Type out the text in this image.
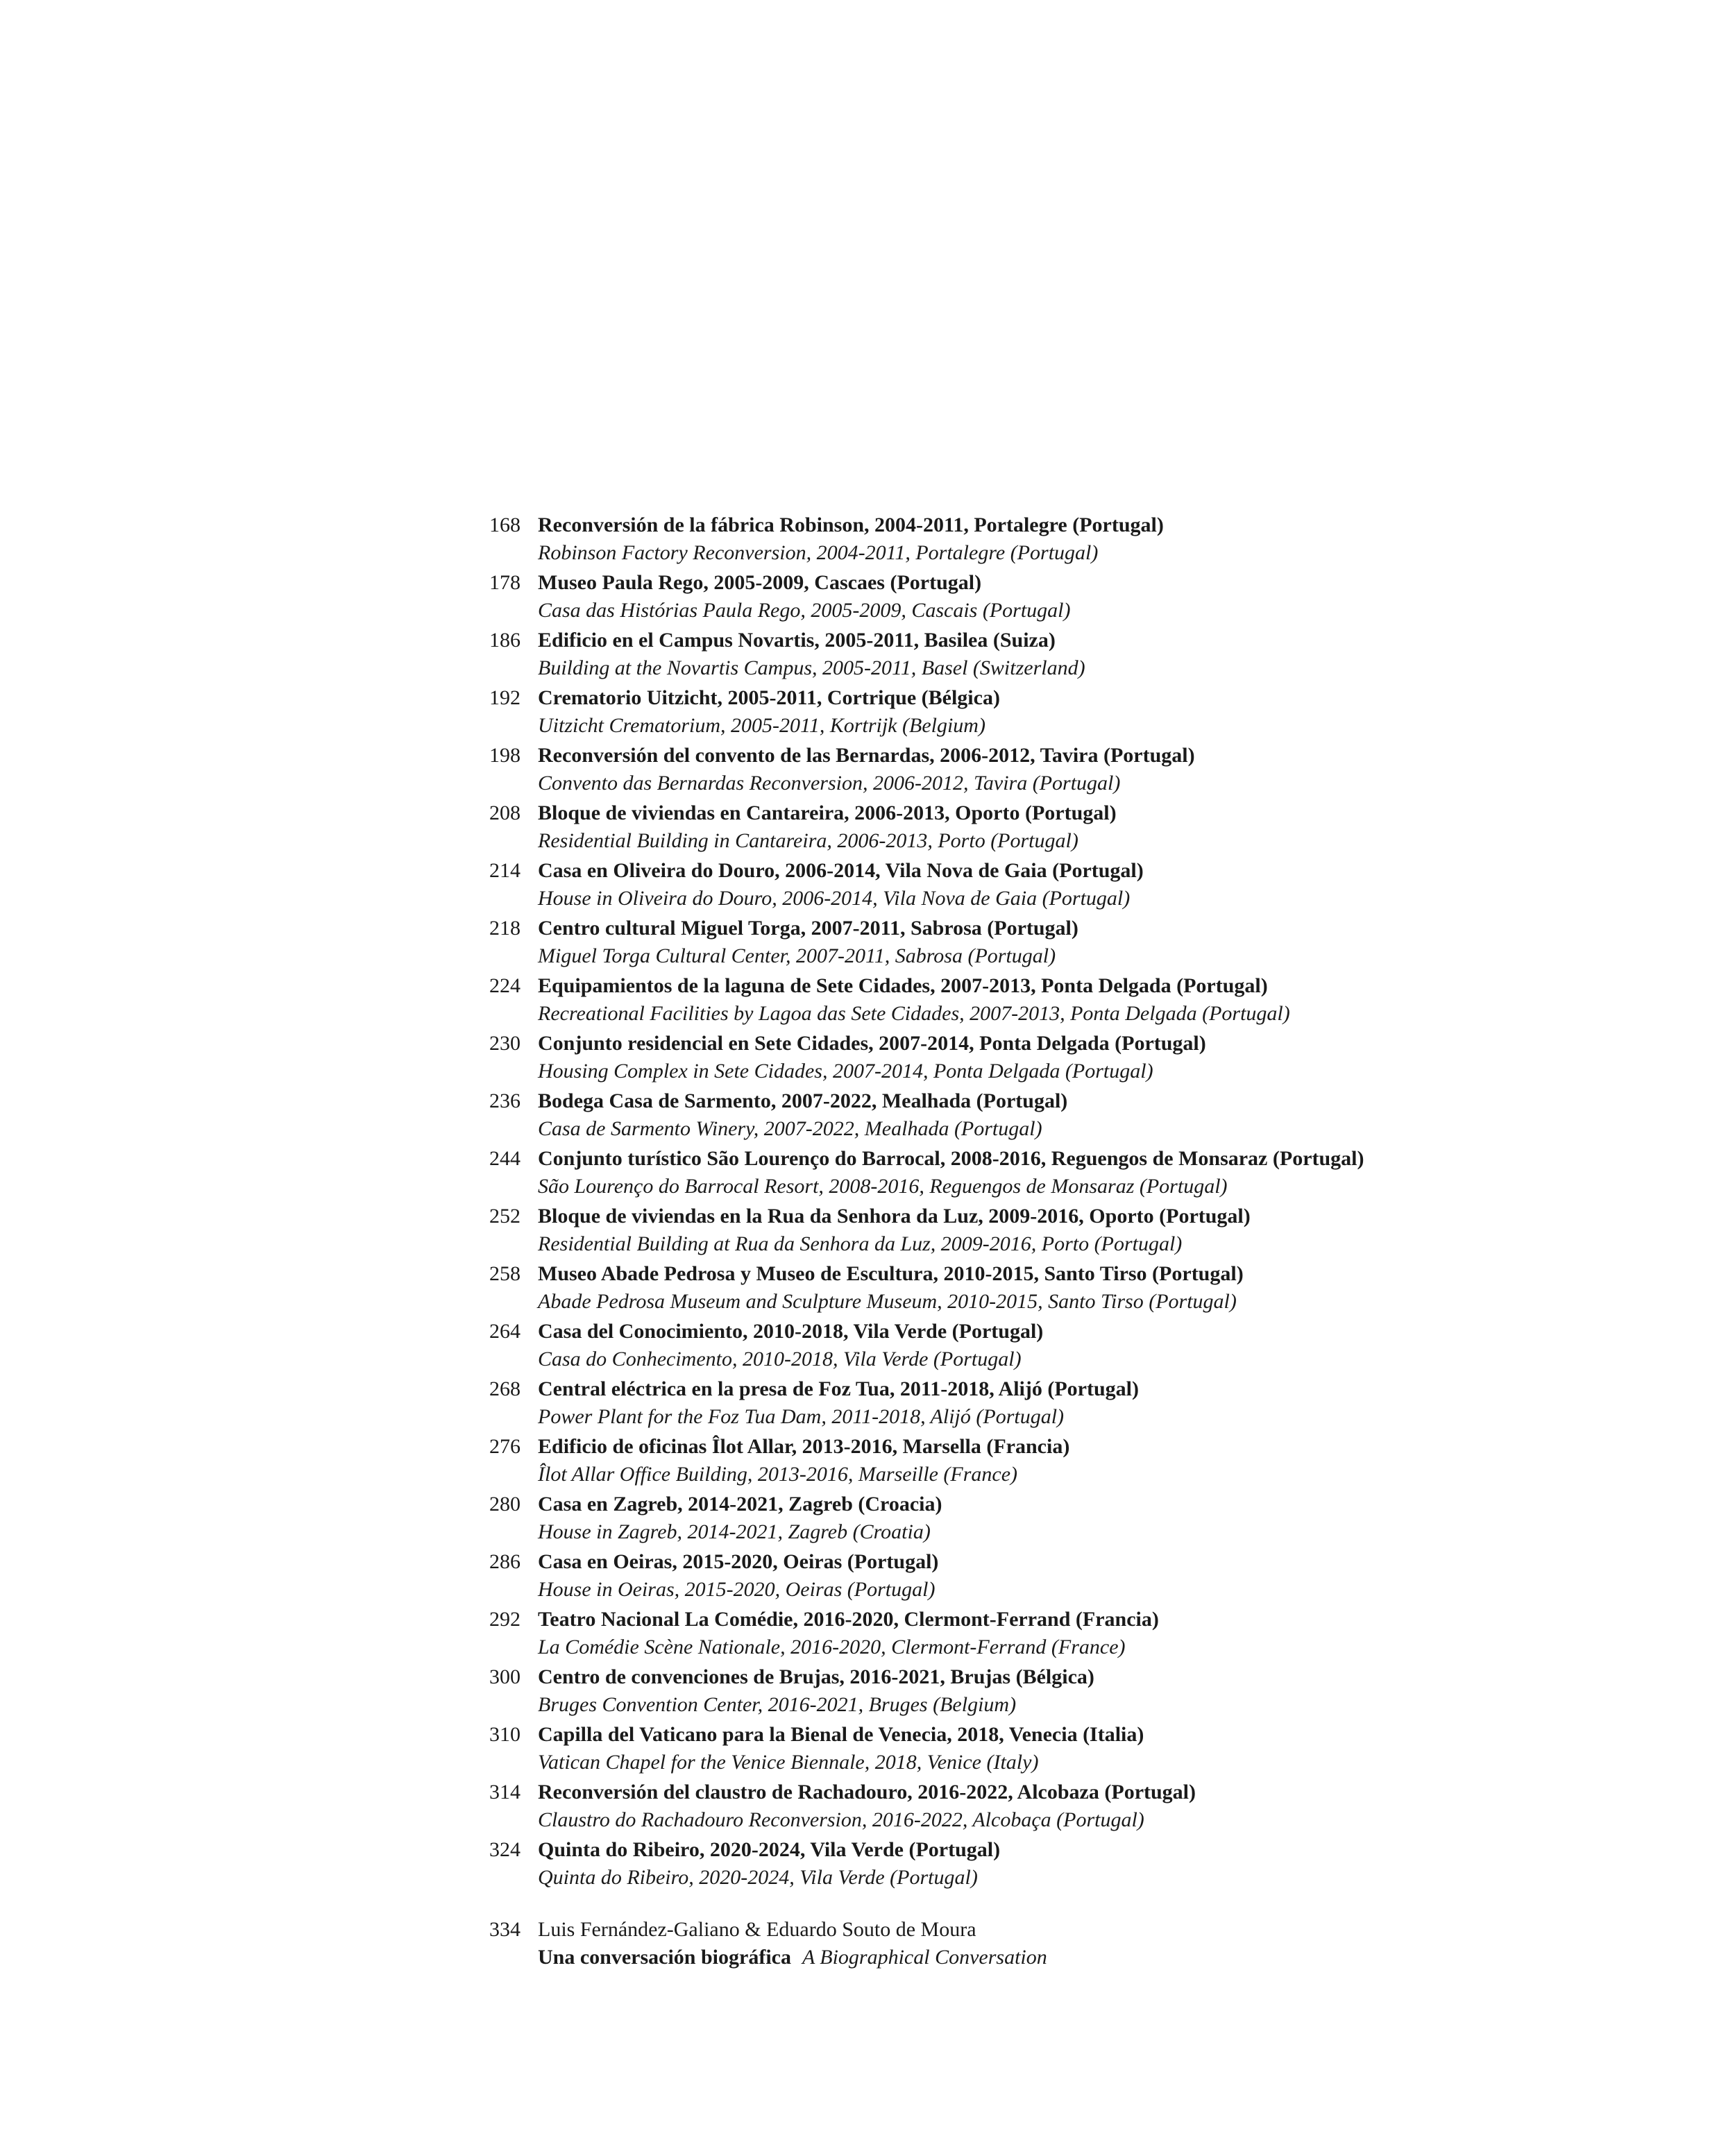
168 Reconversión de la fábrica Robinson, 2004-2011, Portalegre (Portugal)
Robinson Factory Reconversion, 2004-2011, Portalegre (Portugal)
178 Museo Paula Rego, 2005-2009, Cascaes (Portugal)
Casa das Histórias Paula Rego, 2005-2009, Cascais (Portugal)
186 Edificio en el Campus Novartis, 2005-2011, Basilea (Suiza)
Building at the Novartis Campus, 2005-2011, Basel (Switzerland)
192 Crematorio Uitzicht, 2005-2011, Cortrique (Bélgica)
Uitzicht Crematorium, 2005-2011, Kortrijk (Belgium)
198 Reconversión del convento de las Bernardas, 2006-2012, Tavira (Portugal)
Convento das Bernardas Reconversion, 2006-2012, Tavira (Portugal)
208 Bloque de viviendas en Cantareira, 2006-2013, Oporto (Portugal)
Residential Building in Cantareira, 2006-2013, Porto (Portugal)
214 Casa en Oliveira do Douro, 2006-2014, Vila Nova de Gaia (Portugal)
House in Oliveira do Douro, 2006-2014, Vila Nova de Gaia (Portugal)
218 Centro cultural Miguel Torga, 2007-2011, Sabrosa (Portugal)
Miguel Torga Cultural Center, 2007-2011, Sabrosa (Portugal)
224 Equipamientos de la laguna de Sete Cidades, 2007-2013, Ponta Delgada (Portugal)
Recreational Facilities by Lagoa das Sete Cidades, 2007-2013, Ponta Delgada (Portugal)
230 Conjunto residencial en Sete Cidades, 2007-2014, Ponta Delgada (Portugal)
Housing Complex in Sete Cidades, 2007-2014, Ponta Delgada (Portugal)
236 Bodega Casa de Sarmento, 2007-2022, Mealhada (Portugal)
Casa de Sarmento Winery, 2007-2022, Mealhada (Portugal)
244 Conjunto turístico São Lourenço do Barrocal, 2008-2016, Reguengos de Monsaraz (Portugal)
São Lourenço do Barrocal Resort, 2008-2016, Reguengos de Monsaraz (Portugal)
252 Bloque de viviendas en la Rua da Senhora da Luz, 2009-2016, Oporto (Portugal)
Residential Building at Rua da Senhora da Luz, 2009-2016, Porto (Portugal)
258 Museo Abade Pedrosa y Museo de Escultura, 2010-2015, Santo Tirso (Portugal)
Abade Pedrosa Museum and Sculpture Museum, 2010-2015, Santo Tirso (Portugal)
264 Casa del Conocimiento, 2010-2018, Vila Verde (Portugal)
Casa do Conhecimento, 2010-2018, Vila Verde (Portugal)
268 Central eléctrica en la presa de Foz Tua, 2011-2018, Alijó (Portugal)
Power Plant for the Foz Tua Dam, 2011-2018, Alijó (Portugal)
276 Edificio de oficinas Îlot Allar, 2013-2016, Marsella (Francia)
Îlot Allar Office Building, 2013-2016, Marseille (France)
280 Casa en Zagreb, 2014-2021, Zagreb (Croacia)
House in Zagreb, 2014-2021, Zagreb (Croatia)
286 Casa en Oeiras, 2015-2020, Oeiras (Portugal)
House in Oeiras, 2015-2020, Oeiras (Portugal)
292 Teatro Nacional La Comédie, 2016-2020, Clermont-Ferrand (Francia)
La Comédie Scène Nationale, 2016-2020, Clermont-Ferrand (France)
300 Centro de convenciones de Brujas, 2016-2021, Brujas (Bélgica)
Bruges Convention Center, 2016-2021, Bruges (Belgium)
310 Capilla del Vaticano para la Bienal de Venecia, 2018, Venecia (Italia)
Vatican Chapel for the Venice Biennale, 2018, Venice (Italy)
314 Reconversión del claustro de Rachadouro, 2016-2022, Alcobaza (Portugal)
Claustro do Rachadouro Reconversion, 2016-2022, Alcobaça (Portugal)
324 Quinta do Ribeiro, 2020-2024, Vila Verde (Portugal)
Quinta do Ribeiro, 2020-2024, Vila Verde (Portugal)
334 Luis Fernández-Galiano & Eduardo Souto de Moura
Una conversación biográfica A Biographical Conversation
